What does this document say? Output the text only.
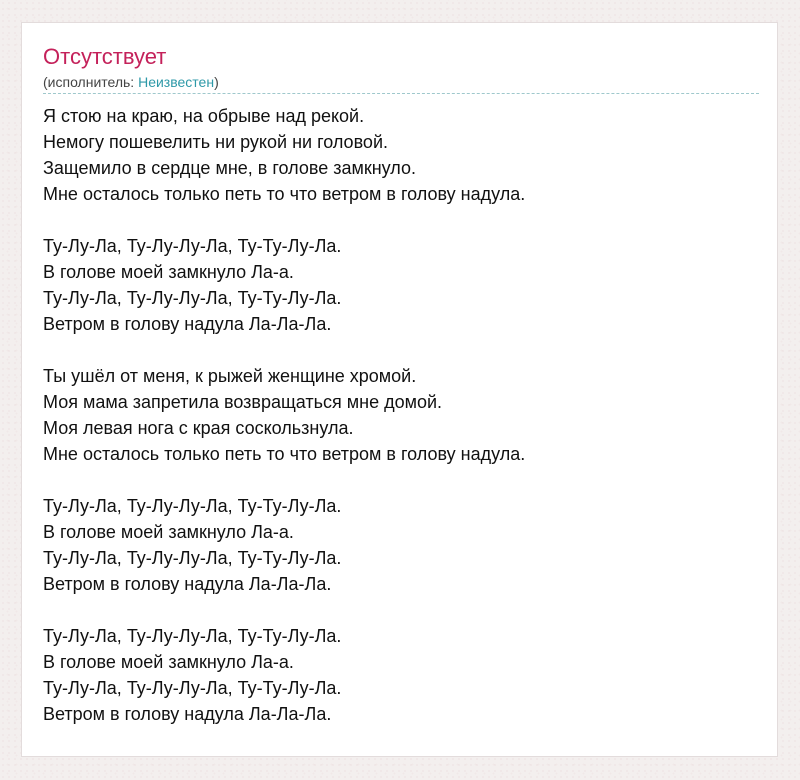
Отсутствует
(исполнитель: Неизвестен)

Я стою на краю, на обрыве над рекой.
Немогу пошевелить ни рукой ни головой.
Защемило в сердце мне, в голове замкнуло.
Мне осталось только петь то что ветром в голову надула.

Ту-Лу-Ла, Ту-Лу-Лу-Ла, Ту-Ту-Лу-Ла.
В голове моей замкнуло Ла-а.
Ту-Лу-Ла, Ту-Лу-Лу-Ла, Ту-Ту-Лу-Ла.
Ветром в голову надула Ла-Ла-Ла.

Ты ушёл от меня, к рыжей женщине хромой.
Моя мама запретила возвращаться мне домой.
Моя левая нога с края соскользнула.
Мне осталось только петь то что ветром в голову надула.

Ту-Лу-Ла, Ту-Лу-Лу-Ла, Ту-Ту-Лу-Ла.
В голове моей замкнуло Ла-а.
Ту-Лу-Ла, Ту-Лу-Лу-Ла, Ту-Ту-Лу-Ла.
Ветром в голову надула Ла-Ла-Ла.

Ту-Лу-Ла, Ту-Лу-Лу-Ла, Ту-Ту-Лу-Ла.
В голове моей замкнуло Ла-а.
Ту-Лу-Ла, Ту-Лу-Лу-Ла, Ту-Ту-Лу-Ла.
Ветром в голову надула Ла-Ла-Ла.
